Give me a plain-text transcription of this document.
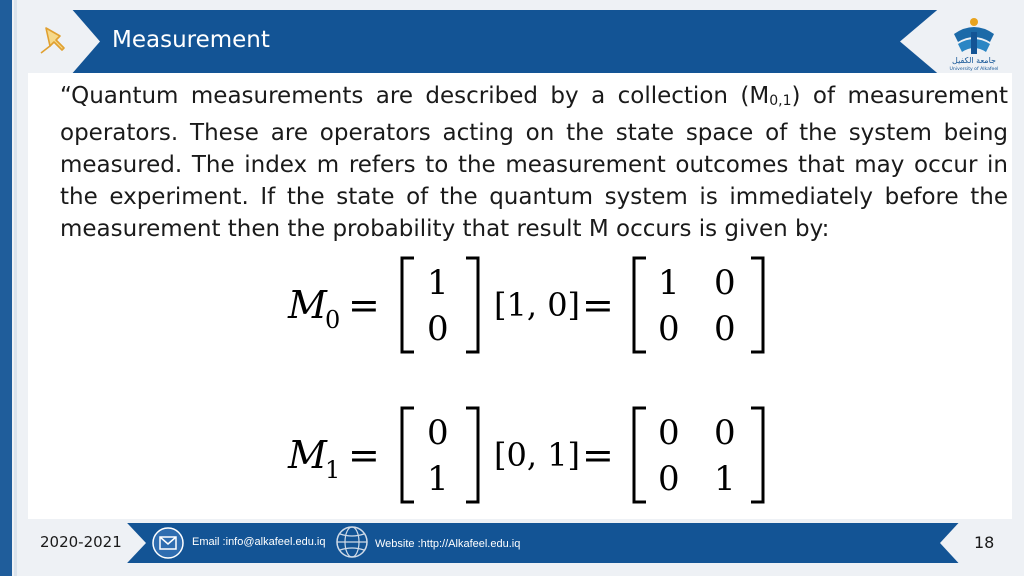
Measurement
جامعة الكفيل
University of Alkafeel
“Quantum measurements are described by a collection $(M_{0,1})$ of measurement operators. These are operators acting on the state space of the system being measured. The index m refers to the measurement outcomes that may occur in the experiment. If the state of the quantum system is immediately before the measurement then the probability that result M occurs is given by:
M
0 = 1
0
[1, 0] = 1 0
0 0
M
1 = 0
1
[0, 1] = 0 0
0 1
2020-2021	Email :info@alkafeel.edu.iq	Website :http://Alkafeel.edu.iq	18
